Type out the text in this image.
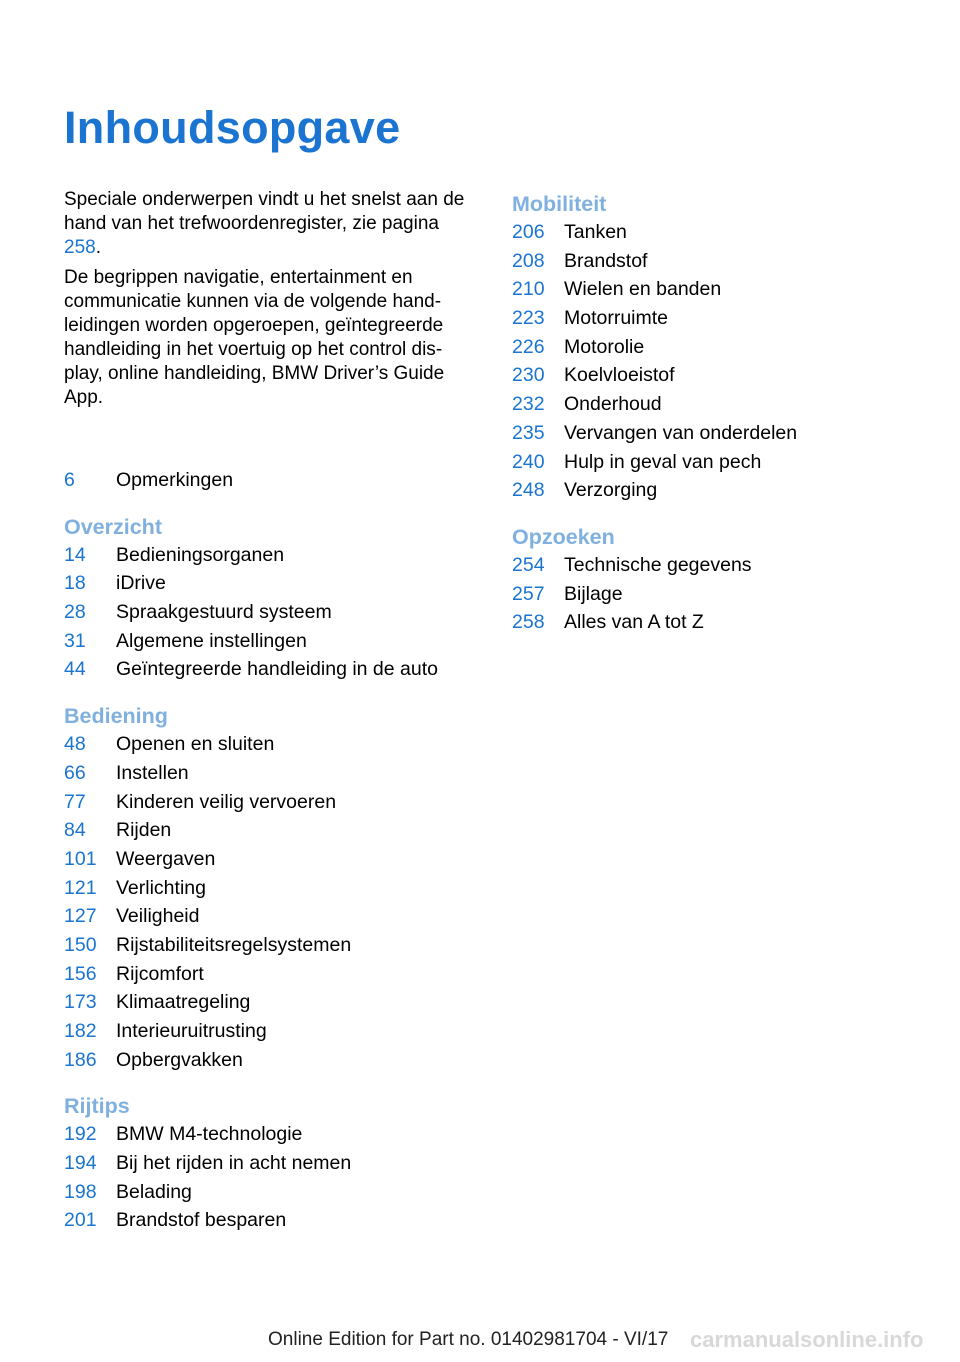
Inhoudsopgave

Speciale onderwerpen vindt u het snelst aan de hand van het trefwoordenregister, zie pagina 258.

De begrippen navigatie, entertainment en communicatie kunnen via de volgende handleidingen worden opgeroepen, geïntegreerde handleiding in het voertuig op het control display, online handleiding, BMW Driver’s Guide App.

6	Opmerkingen
Overzicht
14	Bedieningsorganen
18	iDrive
28	Spraakgestuurd systeem
31	Algemene instellingen
44	Geïntegreerde handleiding in de auto
Bediening
48	Openen en sluiten
66	Instellen
77	Kinderen veilig vervoeren
84	Rijden
101 Weergaven
121 Verlichting
127 Veiligheid
150 Rijstabiliteitsregelsystemen
156 Rijcomfort
173 Klimaatregeling
182 Interieuruitrusting
186 Opbergvakken
Rijtips
192 BMW M4-technologie
194 Bij het rijden in acht nemen
198 Belading
201 Brandstof besparen
Mobiliteit
206 Tanken
208 Brandstof
210 Wielen en banden
223 Motorruimte
226 Motorolie
230 Koelvloeistof
232 Onderhoud
235 Vervangen van onderdelen
240 Hulp in geval van pech
248 Verzorging
Opzoeken
254 Technische gegevens
257 Bijlage
258 Alles van A tot Z
Online Edition for Part no. 01402981704 - VI/17 carmanualsonline.info
